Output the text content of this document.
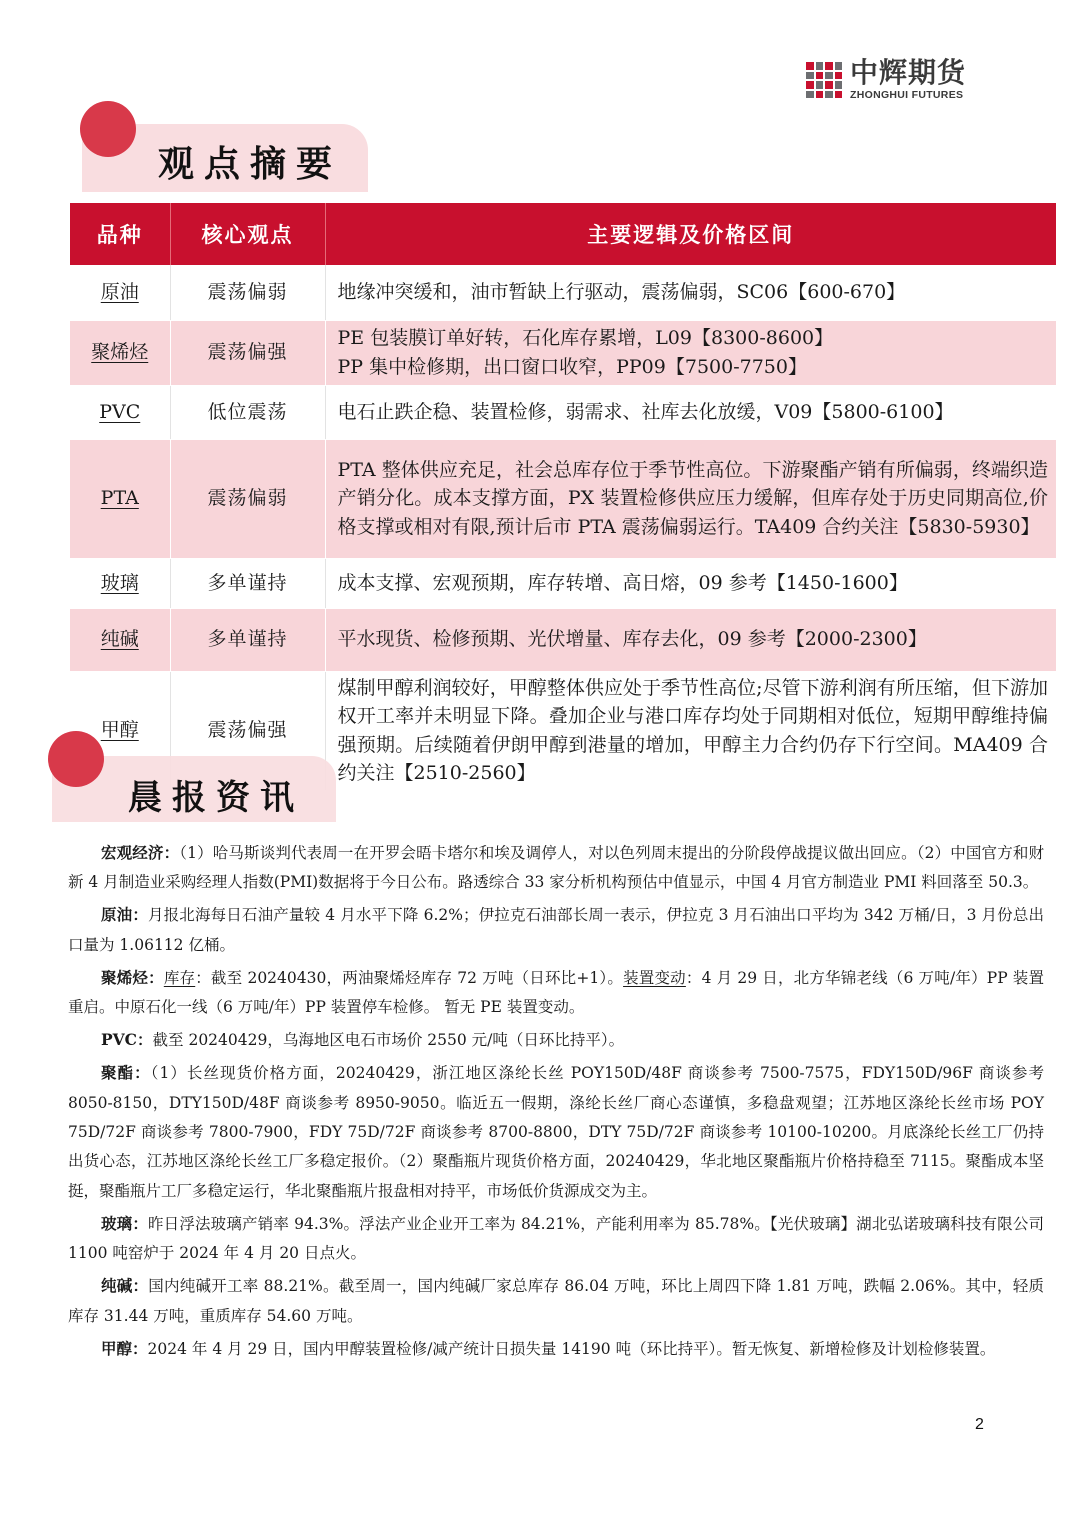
中辉期货
ZHONGHUI FUTURES
观点摘要
品种	核心观点	主要逻辑及价格区间
原油	震荡偏弱	地缘冲突缓和，油市暂缺上行驱动，震荡偏弱，SC06【600-670】

聚烯烃	震荡偏强	PE 包装膜订单好转，石化库存累增，L09【8300-8600】
PP 集中检修期，出口窗口收窄，PP09【7500-7750】

PVC	低位震荡	电石止跌企稳、装置检修，弱需求、社库去化放缓，V09【5800-6100】

PTA	震荡偏弱	PTA 整体供应充足，社会总库存位于季节性高位。下游聚酯产销有所偏弱，终端织造产销分化。成本支撑方面，PX 装置检修供应压力缓解，但库存处于历史同期高位,价格支撑或相对有限,预计后市 PTA 震荡偏弱运行。TA409 合约关注【5830-5930】

玻璃	多单谨持	成本支撑、宏观预期，库存转增、高日熔，09 参考【1450-1600】

纯碱	多单谨持	平水现货、检修预期、光伏增量、库存去化，09 参考【2000-2300】

甲醇	震荡偏强	煤制甲醇利润较好，甲醇整体供应处于季节性高位;尽管下游利润有所压缩，但下游加权开工率并未明显下降。叠加企业与港口库存均处于同期相对低位，短期甲醇维持偏强预期。后续随着伊朗甲醇到港量的增加，甲醇主力合约仍存下行空间。MA409 合约关注【2510-2560】
晨报资讯

宏观经济：（1）哈马斯谈判代表周一在开罗会晤卡塔尔和埃及调停人，对以色列周末提出的分阶段停战提议做出回应。（2）中国官方和财新 4 月制造业采购经理人指数(PMI)数据将于今日公布。路透综合 33 家分析机构预估中值显示，中国 4 月官方制造业 PMI 料回落至 50.3。

原油：月报北海每日石油产量较 4 月水平下降 6.2%；伊拉克石油部长周一表示，伊拉克 3 月石油出口平均为 342 万桶/日，3 月份总出口量为 1.06112 亿桶。

聚烯烃：库存：截至 20240430，两油聚烯烃库存 72 万吨（日环比+1）。装置变动：4 月 29 日，北方华锦老线（6 万吨/年）PP 装置重启。中原石化一线（6 万吨/年）PP 装置停车检修。 暂无 PE 装置变动。

PVC：截至 20240429，乌海地区电石市场价 2550 元/吨（日环比持平）。

聚酯：（1）长丝现货价格方面，20240429，浙江地区涤纶长丝 POY150D/48F 商谈参考 7500-7575，FDY150D/96F 商谈参考 8050-8150，DTY150D/48F 商谈参考 8950-9050。临近五一假期，涤纶长丝厂商心态谨慎，多稳盘观望；江苏地区涤纶长丝市场 POY 75D/72F 商谈参考 7800-7900，FDY 75D/72F 商谈参考 8700-8800，DTY 75D/72F 商谈参考 10100-10200。月底涤纶长丝工厂仍持出货心态，江苏地区涤纶长丝工厂多稳定报价。（2）聚酯瓶片现货价格方面，20240429，华北地区聚酯瓶片价格持稳至 7115。聚酯成本坚挺，聚酯瓶片工厂多稳定运行，华北聚酯瓶片报盘相对持平，市场低价货源成交为主。

玻璃：昨日浮法玻璃产销率 94.3%。浮法产业企业开工率为 84.21%，产能利用率为 85.78%。【光伏玻璃】湖北弘诺玻璃科技有限公司 1100 吨窑炉于 2024 年 4 月 20 日点火。

纯碱：国内纯碱开工率 88.21%。截至周一，国内纯碱厂家总库存 86.04 万吨，环比上周四下降 1.81 万吨，跌幅 2.06%。其中，轻质库存 31.44 万吨，重质库存 54.60 万吨。

甲醇：2024 年 4 月 29 日，国内甲醇装置检修/减产统计日损失量 14190 吨（环比持平）。暂无恢复、新增检修及计划检修装置。

2
